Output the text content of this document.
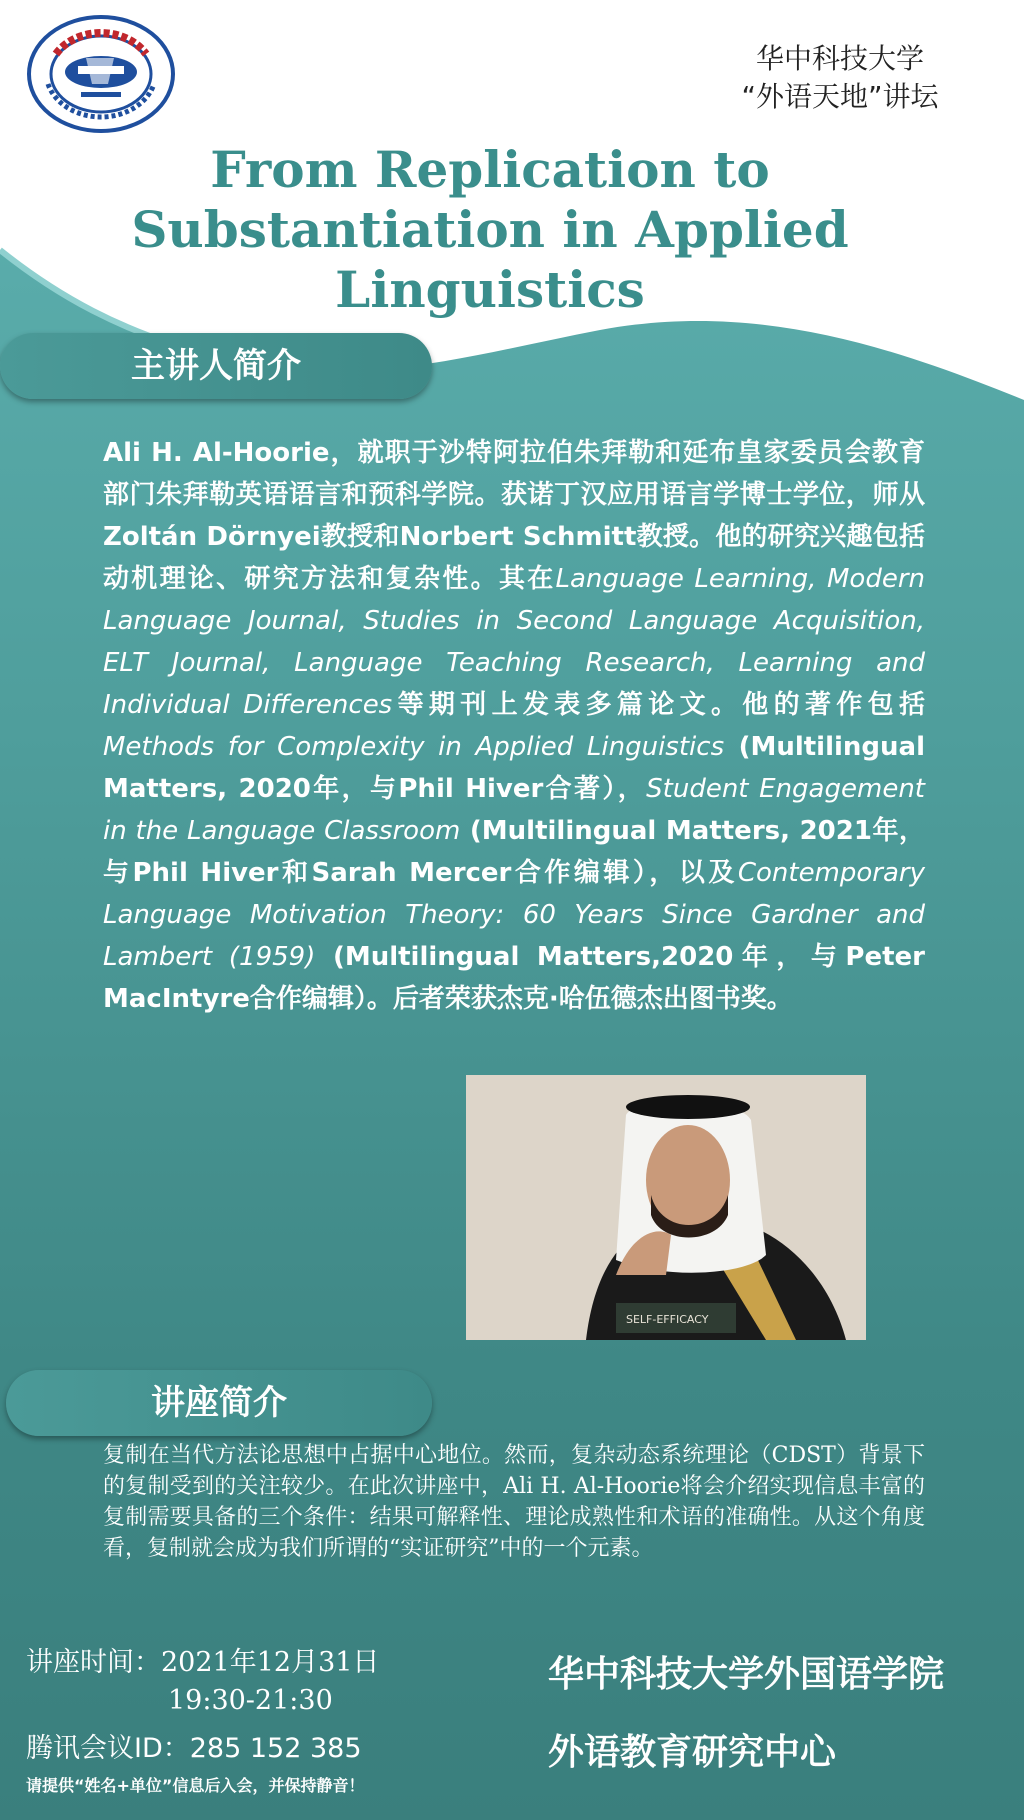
华中科技大学
“外语天地”讲坛
From Replication to
Substantiation in Applied
Linguistics
主讲人简介
Ali H. Al-Hoorie，就职于沙特阿拉伯朱拜勒和延布皇家委员会教育部门朱拜勒英语语言和预科学院。获诺丁汉应用语言学博士学位，师从Zoltán Dörnyei教授和Norbert Schmitt教授。他的研究兴趣包括动机理论、研究方法和复杂性。其在Language Learning, Modern Language Journal, Studies in Second Language Acquisition, ELT Journal, Language Teaching Research, Learning and Individual Differences等期刊上发表多篇论文。他的著作包括Methods for Complexity in Applied Linguistics (Multilingual Matters, 2020年，与Phil Hiver合著），Student Engagement in the Language Classroom (Multilingual Matters, 2021年，与Phil Hiver和Sarah Mercer合作编辑），以及Contemporary Language Motivation Theory: 60 Years Since Gardner and Lambert (1959) (Multilingual Matters,2020年，与Peter MacIntyre合作编辑）。后者荣获杰克·哈伍德杰出图书奖。
SELF-EFFICACY
讲座简介
复制在当代方法论思想中占据中心地位。然而，复杂动态系统理论（CDST）背景下的复制受到的关注较少。在此次讲座中，Ali H. Al-Hoorie将会介绍实现信息丰富的复制需要具备的三个条件：结果可解释性、理论成熟性和术语的准确性。从这个角度看，复制就会成为我们所谓的“实证研究”中的一个元素。
讲座时间：2021年12月31日
19:30-21:30
腾讯会议ID：285 152 385
请提供“姓名+单位”信息后入会，并保持静音！
华中科技大学外国语学院
外语教育研究中心
